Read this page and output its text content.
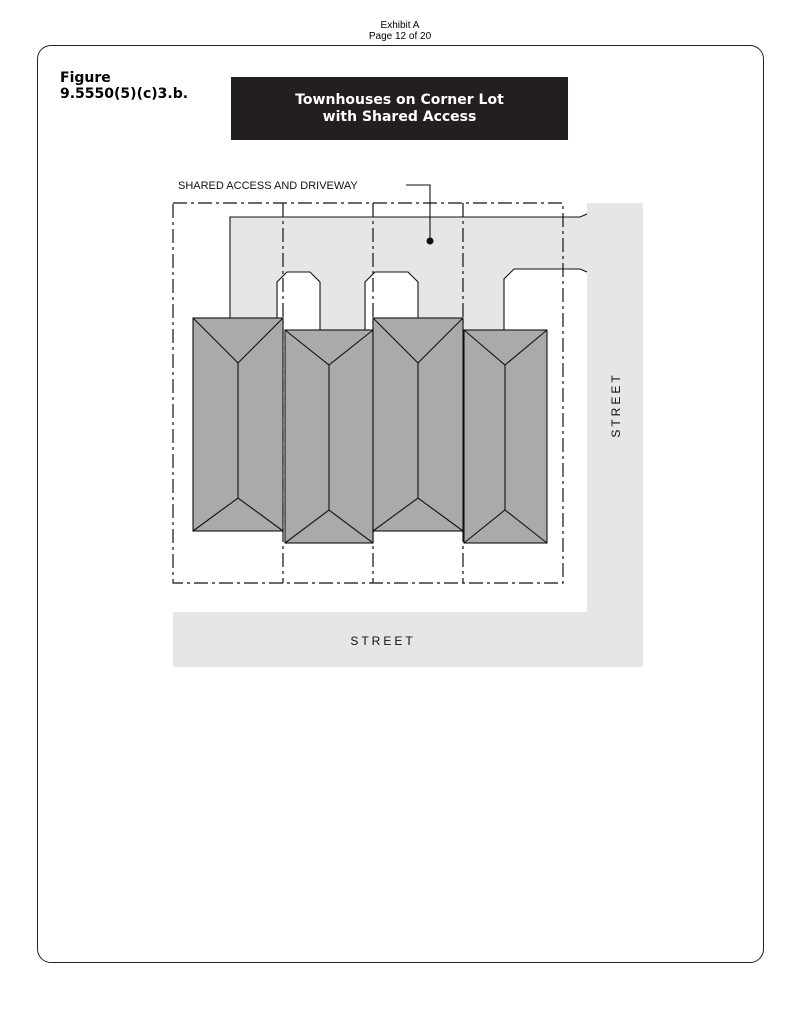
Exhibit A
Page 12 of 20
Figure
9.5550(5)(c)3.b.	Townhouses on Corner Lot
with Shared Access
SHARED ACCESS AND DRIVEWAY
STREET
STREET
